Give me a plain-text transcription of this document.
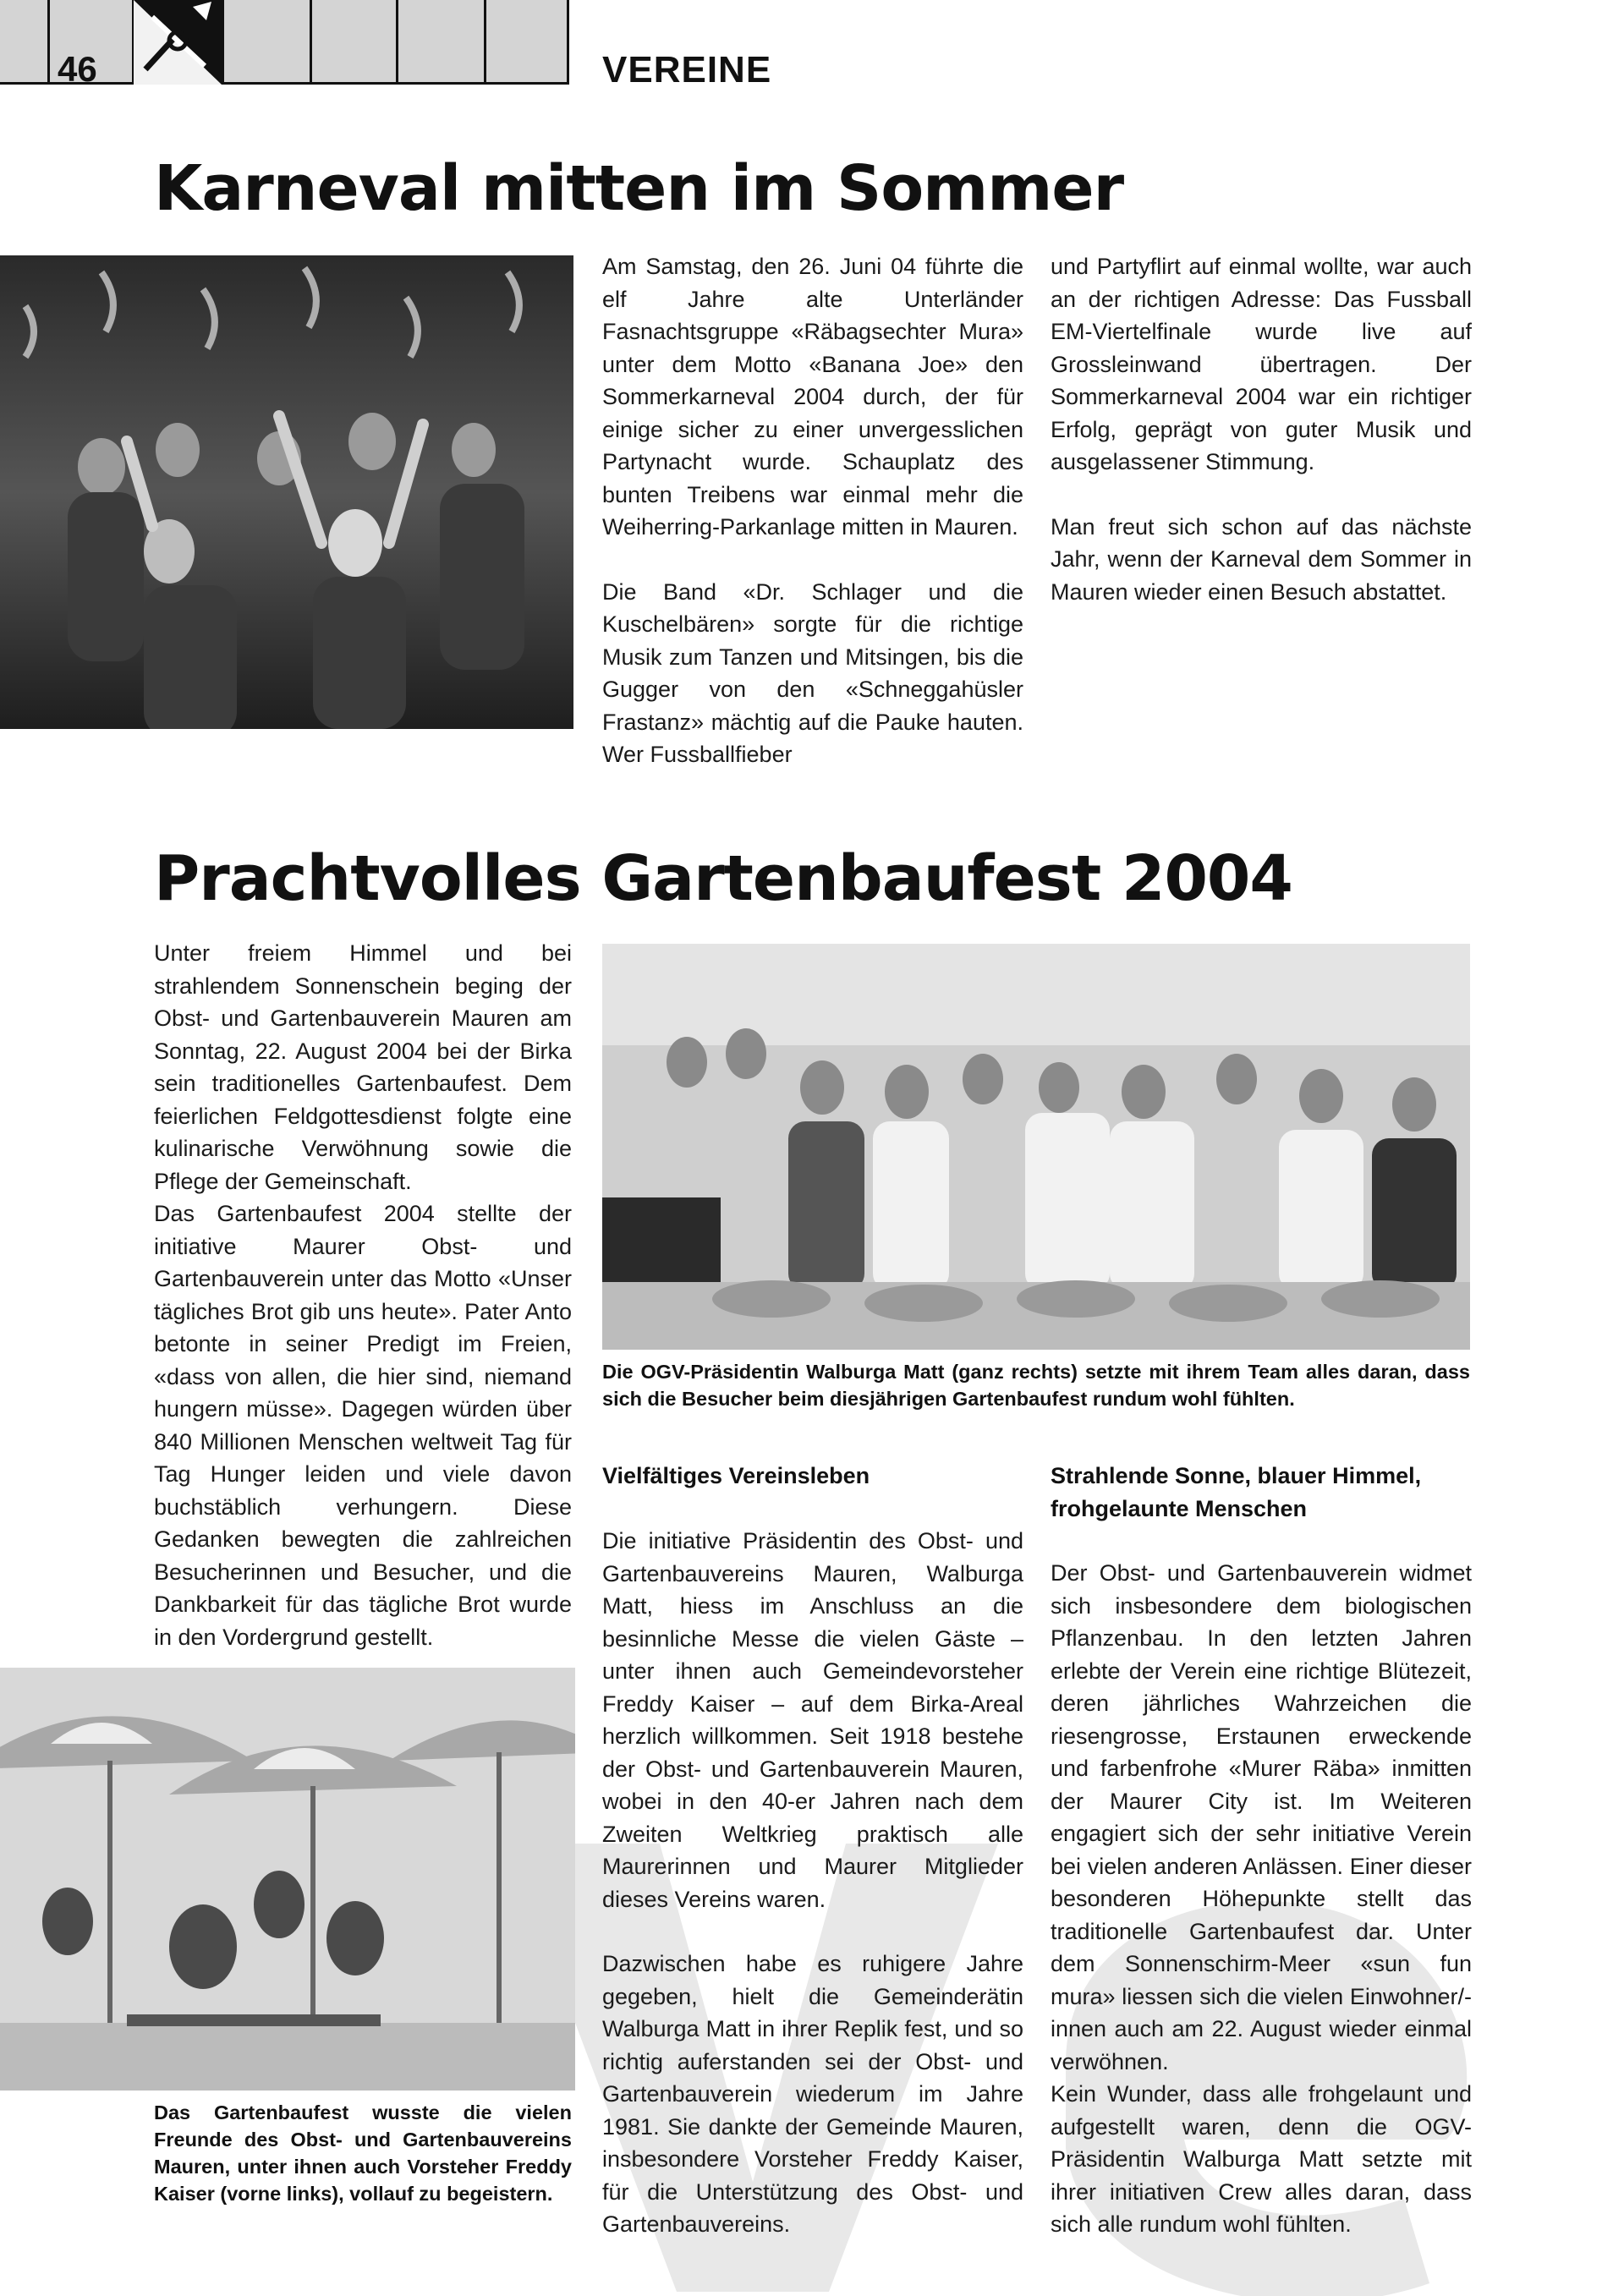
46	VEREINE
Karneval mitten im Sommer

Am Samstag, den 26. Juni 04 führte die elf Jahre alte Unterländer Fasnachtsgruppe «Räbagsechter Mura» unter dem Motto «Banana Joe» den Sommerkarneval 2004 durch, der für einige sicher zu einer unvergesslichen Partynacht wurde. Schauplatz des bunten Treibens war einmal mehr die Weiherring-Parkanlage mitten in Mauren.

Die Band «Dr. Schlager und die Kuschelbären» sorgte für die richtige Musik zum Tanzen und Mitsingen, bis die Gugger von den «Schneggahüsler Frastanz» mächtig auf die Pauke hauten. Wer Fussballfieber

und Partyflirt auf einmal wollte, war auch an der richtigen Adresse: Das Fussball EM-Viertelfinale wurde live auf Grossleinwand übertragen. Der Sommerkarneval 2004 war ein richtiger Erfolg, geprägt von guter Musik und ausgelassener Stimmung.

Man freut sich schon auf das nächste Jahr, wenn der Karneval dem Sommer in Mauren wieder einen Besuch abstattet.

Prachtvolles Gartenbaufest 2004

Unter freiem Himmel und bei strahlendem Sonnenschein beging der Obst- und Gartenbauverein Mauren am Sonntag, 22. August 2004 bei der Birka sein traditionelles Gartenbaufest. Dem feierlichen Feldgottesdienst folgte eine kulinarische Verwöhnung sowie die Pflege der Gemeinschaft.

Das Gartenbaufest 2004 stellte der initiative Maurer Obst- und Gartenbauverein unter das Motto «Unser tägliches Brot gib uns heute». Pater Anto betonte in seiner Predigt im Freien, «dass von allen, die hier sind, niemand hungern müsse». Dagegen würden über 840 Millionen Menschen weltweit Tag für Tag Hunger leiden und viele davon buchstäblich verhungern. Diese Gedanken bewegten die zahlreichen Besucherinnen und Besucher, und die Dankbarkeit für das tägliche Brot wurde in den Vordergrund gestellt.

Die OGV-Präsidentin Walburga Matt (ganz rechts) setzte mit ihrem Team alles daran, dass sich die Besucher beim diesjährigen Gartenbaufest rundum wohl fühlten.
Vielfältiges Vereinsleben

Die initiative Präsidentin des Obst- und Gartenbauvereins Mauren, Walburga Matt, hiess im Anschluss an die besinnliche Messe die vielen Gäste – unter ihnen auch Gemeindevorsteher Freddy Kaiser – auf dem Birka-Areal herzlich willkommen. Seit 1918 bestehe der Obst- und Gartenbauverein Mauren, wobei in den 40-er Jahren nach dem Zweiten Weltkrieg praktisch alle Maurerinnen und Maurer Mitglieder dieses Vereins waren.

Dazwischen habe es ruhigere Jahre gegeben, hielt die Gemeinderätin Walburga Matt in ihrer Replik fest, und so richtig auferstanden sei der Obst- und Gartenbauverein wiederum im Jahre 1981. Sie dankte der Gemeinde Mauren, insbesondere Vorsteher Freddy Kaiser, für die Unterstützung des Obst- und Gartenbauvereins.

Strahlende Sonne, blauer Himmel, frohgelaunte Menschen

Der Obst- und Gartenbauverein widmet sich insbesondere dem biologischen Pflanzenbau. In den letzten Jahren erlebte der Verein eine richtige Blütezeit, deren jährliches Wahrzeichen die riesengrosse, Erstaunen erweckende und farbenfrohe «Murer Räba» inmitten der Maurer City ist. Im Weiteren engagiert sich der sehr initiative Verein bei vielen anderen Anlässen. Einer dieser besonderen Höhepunkte stellt das traditionelle Gartenbaufest dar. Unter dem Sonnenschirm-Meer «sun fun mura» liessen sich die vielen Einwohner/-innen auch am 22. August wieder einmal verwöhnen.

Kein Wunder, dass alle frohgelaunt und aufgestellt waren, denn die OGV-Präsidentin Walburga Matt setzte mit ihrer initiativen Crew alles daran, dass sich alle rundum wohl fühlten.

Das Gartenbaufest wusste die vielen Freunde des Obst- und Gartenbauvereins Mauren, unter ihnen auch Vorsteher Freddy Kaiser (vorne links), vollauf zu begeistern.
